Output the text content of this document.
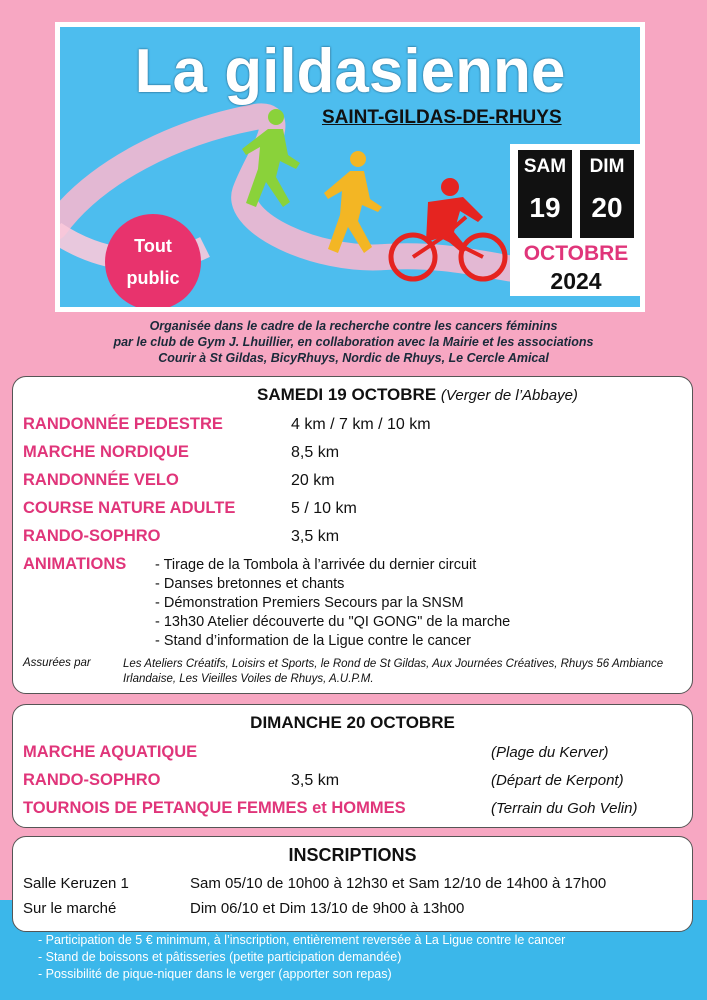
La gildasienne
SAINT-GILDAS-DE-RHUYS
Tout
public
SAM
19
DIM
20
OCTOBRE
2024
Organisée dans le cadre de la recherche contre les cancers féminins
par le club de Gym J. Lhuillier, en collaboration avec la Mairie et les associations
Courir à St Gildas, BicyRhuys, Nordic de Rhuys, Le Cercle Amical
SAMEDI 19 OCTOBRE (Verger de l’Abbaye)
RANDONNÉE PEDESTRE	4 km / 7 km / 10 km
MARCHE NORDIQUE	8,5 km
RANDONNÉE VELO	20 km
COURSE NATURE ADULTE	5 / 10 km
RANDO-SOPHRO	3,5 km
ANIMATIONS - Tirage de la Tombola à l’arrivée du dernier circuit
- Danses bretonnes et chants
- Démonstration Premiers Secours par la SNSM
- 13h30 Atelier découverte du "QI GONG" de la marche
- Stand d’information de la Ligue contre le cancer
Assurées par	Les Ateliers Créatifs, Loisirs et Sports, le Rond de St Gildas, Aux Journées Créatives, Rhuys 56 Ambiance Irlandaise, Les Vieilles Voiles de Rhuys, A.U.P.M.
DIMANCHE 20 OCTOBRE
MARCHE AQUATIQUE	(Plage du Kerver)
RANDO-SOPHRO	3,5 km	(Départ de Kerpont)
TOURNOIS DE PETANQUE FEMMES et HOMMES	(Terrain du Goh Velin)
INSCRIPTIONS
Salle Keruzen 1	Sam 05/10 de 10h00 à 12h30 et Sam 12/10 de 14h00 à 17h00
Sur le marché	Dim 06/10 et Dim 13/10 de 9h00 à 13h00
- Participation de 5 € minimum, à l’inscription, entièrement reversée à La Ligue contre le cancer
- Stand de boissons et pâtisseries (petite participation demandée)
- Possibilité de pique-niquer dans le verger (apporter son repas)
